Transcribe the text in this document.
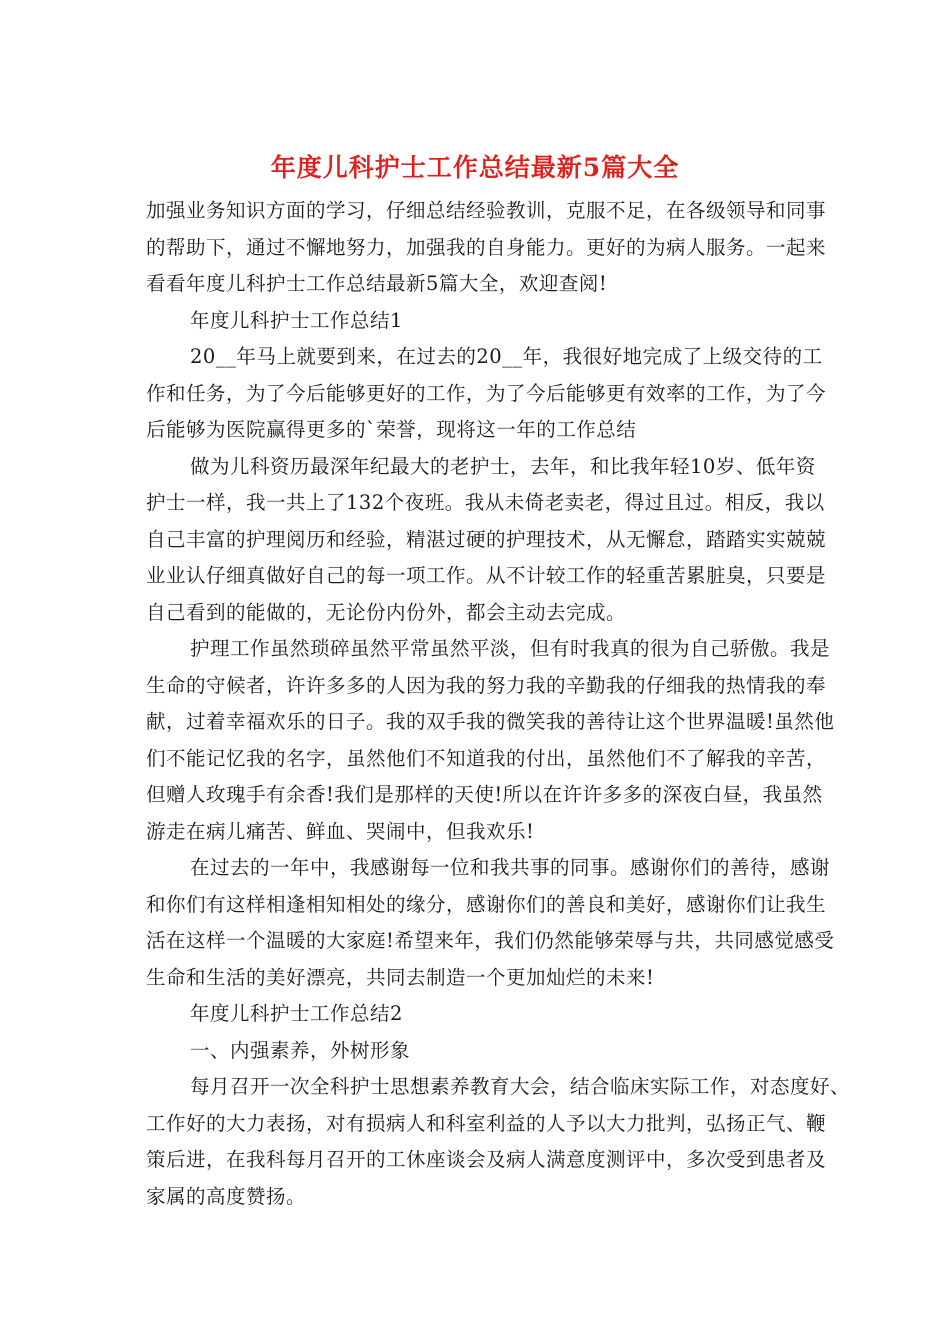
年度儿科护士工作总结最新5篇大全
加强业务知识方面的学习，仔细总结经验教训，克服不足，在各级领导和同事
的帮助下，通过不懈地努力，加强我的自身能力。更好的为病人服务。一起来
看看年度儿科护士工作总结最新5篇大全，欢迎查阅!
年度儿科护士工作总结1
20__年马上就要到来，在过去的20__年，我很好地完成了上级交待的工
作和任务，为了今后能够更好的工作，为了今后能够更有效率的工作，为了今
后能够为医院赢得更多的`荣誉，现将这一年的工作总结
做为儿科资历最深年纪最大的老护士，去年，和比我年轻10岁、低年资
护士一样，我一共上了132个夜班。我从未倚老卖老，得过且过。相反，我以
自己丰富的护理阅历和经验，精湛过硬的护理技术，从无懈怠，踏踏实实兢兢
业业认仔细真做好自己的每一项工作。从不计较工作的轻重苦累脏臭，只要是
自己看到的能做的，无论份内份外，都会主动去完成。
护理工作虽然琐碎虽然平常虽然平淡，但有时我真的很为自己骄傲。我是
生命的守候者，许许多多的人因为我的努力我的辛勤我的仔细我的热情我的奉
献，过着幸福欢乐的日子。我的双手我的微笑我的善待让这个世界温暖!虽然他
们不能记忆我的名字，虽然他们不知道我的付出，虽然他们不了解我的辛苦，
但赠人玫瑰手有余香!我们是那样的天使!所以在许许多多的深夜白昼，我虽然
游走在病儿痛苦、鲜血、哭闹中，但我欢乐!
在过去的一年中，我感谢每一位和我共事的同事。感谢你们的善待，感谢
和你们有这样相逢相知相处的缘分，感谢你们的善良和美好，感谢你们让我生
活在这样一个温暖的大家庭!希望来年，我们仍然能够荣辱与共，共同感觉感受
生命和生活的美好漂亮，共同去制造一个更加灿烂的未来!
年度儿科护士工作总结2
一、内强素养，外树形象
每月召开一次全科护士思想素养教育大会，结合临床实际工作，对态度好、
工作好的大力表扬，对有损病人和科室利益的人予以大力批判，弘扬正气、鞭
策后进，在我科每月召开的工休座谈会及病人满意度测评中，多次受到患者及
家属的高度赞扬。
